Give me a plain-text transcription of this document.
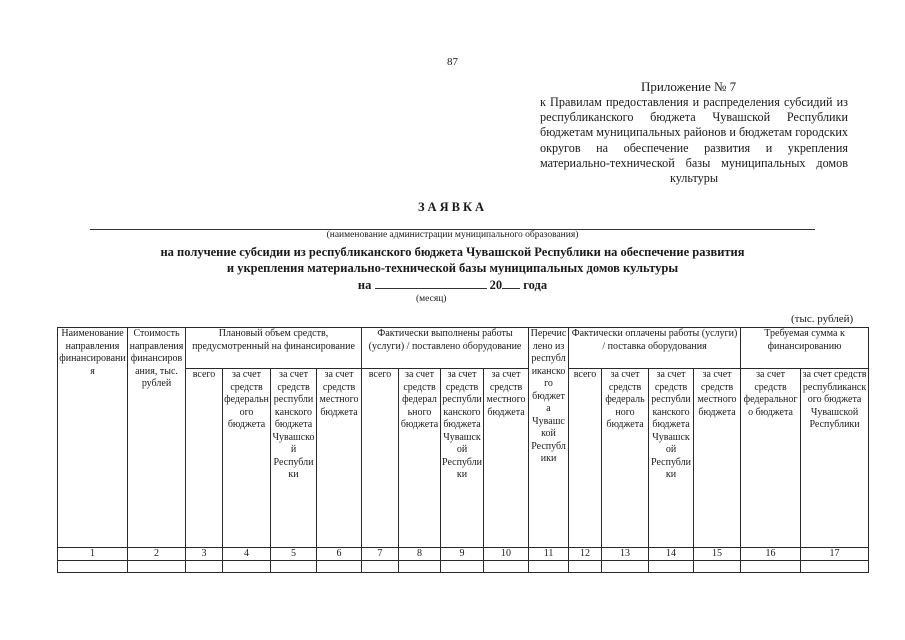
87
Приложение № 7
к Правилам предоставления и распределения субсидий из республиканского бюджета Чувашской Республики бюджетам муниципальных районов и бюджетам городских округов на обеспечение развития и укрепления материально-технической базы муниципальных домов культуры
ЗАЯВКА
(наименование администрации муниципального образования)
на получение субсидии из республиканского бюджета Чувашской Республики на обеспечение развития
и укрепления материально-технической базы муниципальных домов культуры
на	20 года
(месяц)
(тыс. рублей)
Наименование направления финансирования	Стоимость направления финансирования, тыс. рублей	Плановый объем средств, предусмотренный на финансирование				Фактически выполнены работы (услуги) / поставлено оборудование				Перечислено из республиканского бюджета Чувашской Республики	Фактически оплачены работы (услуги) / поставка оборудования				Требуемая сумма к финансированию	
		всего	за счет средств федерального бюджета	за счет средств республиканского бюджета Чувашской Республики	за счет средств местного бюджета	всего	за счет средств федерального бюджета	за счет средств республиканского бюджета Чувашской Республики	за счет средств местного бюджета		всего	за счет средств федерального бюджета	за счет средств республиканского бюджета Чувашской Республики	за счет средств местного бюджета	за счет средств федерального бюджета	за счет средств республиканского бюджета Чувашской Республики
1	2	3	4	5	6	7	8	9	10	11	12	13	14	15	16	17
